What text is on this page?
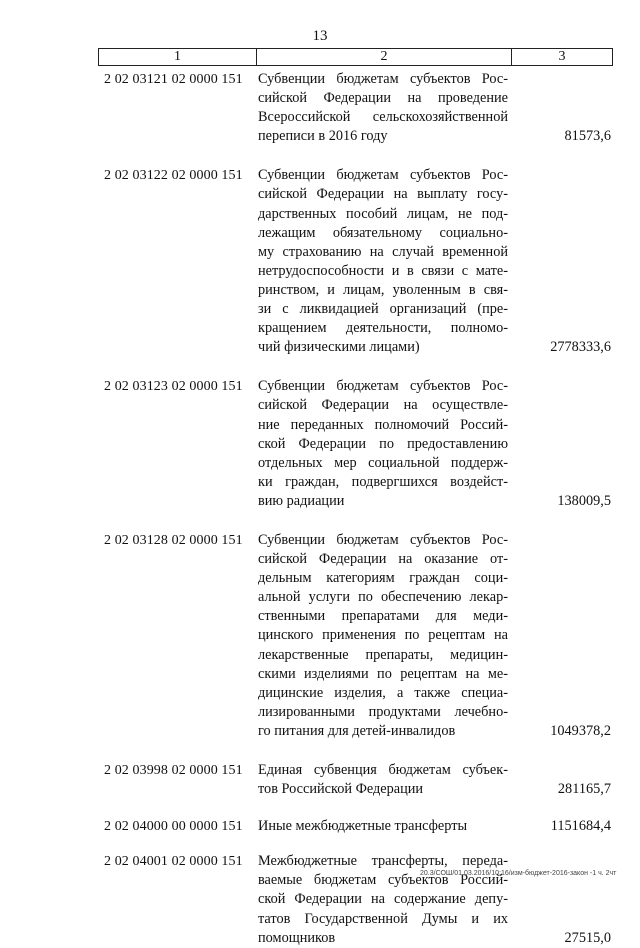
13
1	2	3
2 02 03121 02 0000 151	Субвенции бюджетам субъектов Рос-
сийской Федерации на проведение
Всероссийской сельскохозяйственной
переписи в 2016 году	81573,6
2 02 03122 02 0000 151	Субвенции бюджетам субъектов Рос-
сийской Федерации на выплату госу-
дарственных пособий лицам, не под-
лежащим обязательному социально-
му страхованию на случай временной
нетрудоспособности и в связи с мате-
ринством, и лицам, уволенным в свя-
зи с ликвидацией организаций (пре-
кращением деятельности, полномо-
чий физическими лицами)	2778333,6
2 02 03123 02 0000 151	Субвенции бюджетам субъектов Рос-
сийской Федерации на осуществле-
ние переданных полномочий Россий-
ской Федерации по предоставлению
отдельных мер социальной поддерж-
ки граждан, подвергшихся воздейст-
вию радиации	138009,5
2 02 03128 02 0000 151	Субвенции бюджетам субъектов Рос-
сийской Федерации на оказание от-
дельным категориям граждан соци-
альной услуги по обеспечению лекар-
ственными препаратами для меди-
цинского применения по рецептам на
лекарственные препараты, медицин-
скими изделиями по рецептам на ме-
дицинские изделия, а также специа-
лизированными продуктами лечебно-
го питания для детей-инвалидов	1049378,2
2 02 03998 02 0000 151	Единая субвенция бюджетам субъек-
тов Российской Федерации	281165,7
2 02 04000 00 0000 151	Иные межбюджетные трансферты	1151684,4
2 02 04001 02 0000 151	Межбюджетные трансферты, переда-
ваемые бюджетам субъектов Россий-
ской Федерации на содержание депу-
татов Государственной Думы и их
помощников	27515,0
20.3/СОШ/01.03.2016/10:16/изм-бюджет-2016-закон -1 ч. 2чт
